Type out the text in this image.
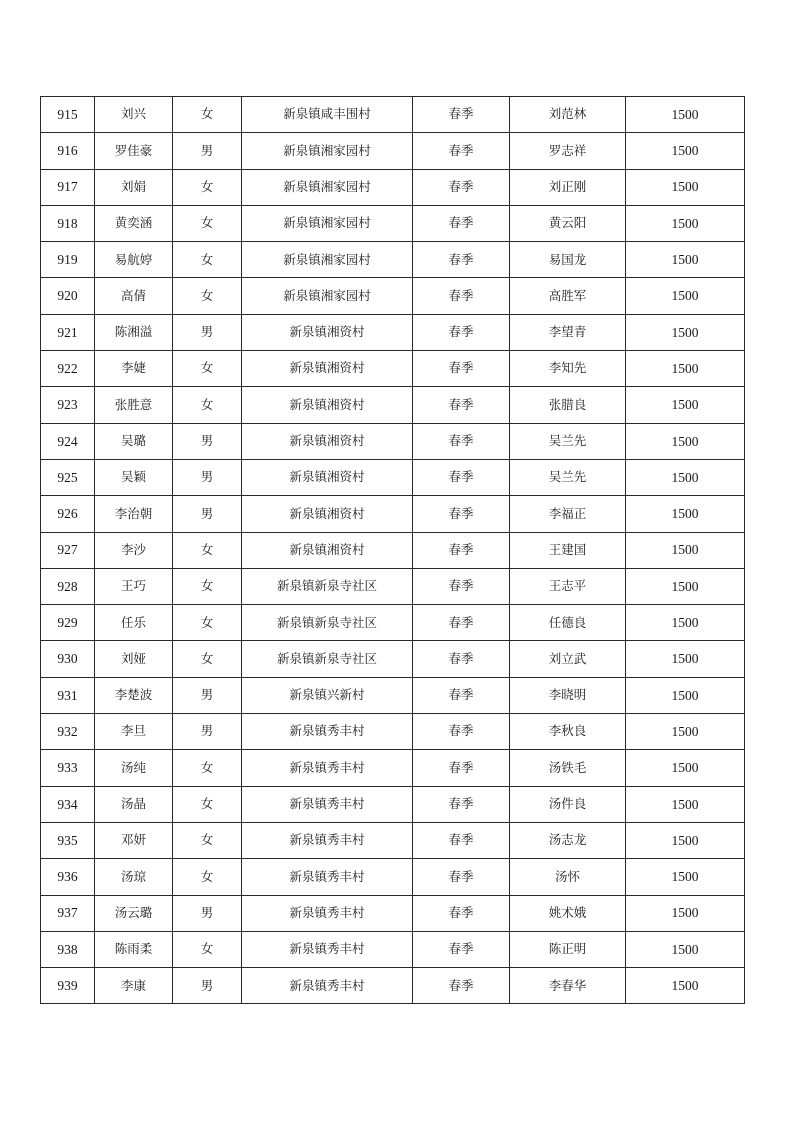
915	刘兴	女	新泉镇咸丰围村	春季	刘范林	1500
916	罗佳豪	男	新泉镇湘家园村	春季	罗志祥	1500
917	刘娟	女	新泉镇湘家园村	春季	刘正刚	1500
918	黄奕涵	女	新泉镇湘家园村	春季	黄云阳	1500
919	易航婷	女	新泉镇湘家园村	春季	易国龙	1500
920	高倩	女	新泉镇湘家园村	春季	高胜军	1500
921	陈湘溢	男	新泉镇湘资村	春季	李望青	1500
922	李婕	女	新泉镇湘资村	春季	李知先	1500
923	张胜意	女	新泉镇湘资村	春季	张腊良	1500
924	吴璐	男	新泉镇湘资村	春季	吴兰先	1500
925	吴颖	男	新泉镇湘资村	春季	吴兰先	1500
926	李治朝	男	新泉镇湘资村	春季	李福正	1500
927	李沙	女	新泉镇湘资村	春季	王建国	1500
928	王巧	女	新泉镇新泉寺社区	春季	王志平	1500
929	任乐	女	新泉镇新泉寺社区	春季	任德良	1500
930	刘娅	女	新泉镇新泉寺社区	春季	刘立武	1500
931	李楚波	男	新泉镇兴新村	春季	李晓明	1500
932	李旦	男	新泉镇秀丰村	春季	李秋良	1500
933	汤纯	女	新泉镇秀丰村	春季	汤铁毛	1500
934	汤晶	女	新泉镇秀丰村	春季	汤件良	1500
935	邓妍	女	新泉镇秀丰村	春季	汤志龙	1500
936	汤琼	女	新泉镇秀丰村	春季	汤怀	1500
937	汤云璐	男	新泉镇秀丰村	春季	姚术娥	1500
938	陈雨柔	女	新泉镇秀丰村	春季	陈正明	1500
939	李康	男	新泉镇秀丰村	春季	李春华	1500
